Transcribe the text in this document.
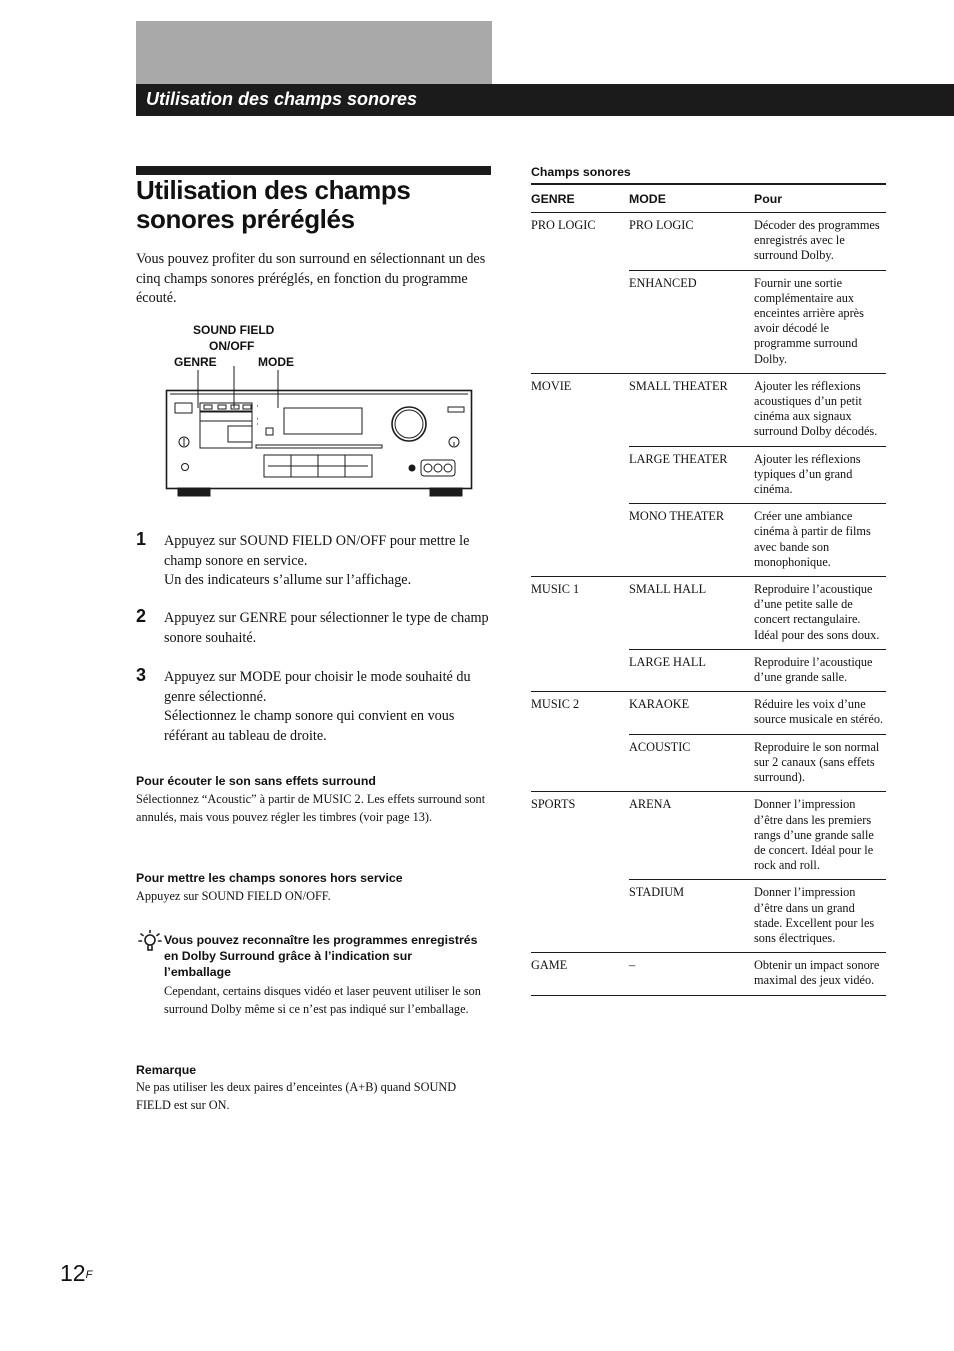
Utilisation des champs sonores
Utilisation des champs sonores préréglés

Vous pouvez profiter du son surround en sélectionnant un des cinq champs sonores préréglés, en fonction du programme écouté.

SOUND FIELD
ON/OFF
GENRE	MODE
1 Appuyez sur SOUND FIELD ON/OFF pour mettre le champ sonore en service.
Un des indicateurs s’allume sur l’affichage.

2 Appuyez sur GENRE pour sélectionner le type de champ sonore souhaité.

3 Appuyez sur MODE pour choisir le mode souhaité du genre sélectionné.
Sélectionnez le champ sonore qui convient en vous référant au tableau de droite.

Pour écouter le son sans effets surround

Sélectionnez “Acoustic” à partir de MUSIC 2. Les effets surround sont annulés, mais vous pouvez régler les timbres (voir page 13).

Pour mettre les champs sonores hors service

Appuyez sur SOUND FIELD ON/OFF.

Vous pouvez reconnaître les programmes enregistrés
en Dolby Surround grâce à l’indication sur
l’emballage

Cependant, certains disques vidéo et laser peuvent utiliser le son surround Dolby même si ce n’est pas indiqué sur l’emballage.

Remarque

Ne pas utiliser les deux paires d’enceintes (A+B) quand SOUND FIELD est sur ON.

Champs sonores
GENRE	MODE	Pour
PRO LOGIC	PRO LOGIC	Décoder des programmes enregistrés avec le surround Dolby.
	ENHANCED	Fournir une sortie complémentaire aux enceintes arrière après avoir décodé le programme surround Dolby.
MOVIE	SMALL THEATER	Ajouter les réflexions acoustiques d’un petit cinéma aux signaux surround Dolby décodés.
	LARGE THEATER	Ajouter les réflexions typiques d’un grand cinéma.
	MONO THEATER	Créer une ambiance cinéma à partir de films avec bande son monophonique.
MUSIC 1	SMALL HALL	Reproduire l’acoustique d’une petite salle de concert rectangulaire. Idéal pour des sons doux.
	LARGE HALL	Reproduire l’acoustique d’une grande salle.
MUSIC 2	KARAOKE	Réduire les voix d’une source musicale en stéréo.
	ACOUSTIC	Reproduire le son normal sur 2 canaux (sans effets surround).
SPORTS	ARENA	Donner l’impression d’être dans les premiers rangs d’une grande salle de concert. Idéal pour le rock and roll.
	STADIUM	Donner l’impression d’être dans un grand stade. Excellent pour les sons électriques.
GAME	–	Obtenir un impact sonore maximal des jeux vidéo.
$12^F$
